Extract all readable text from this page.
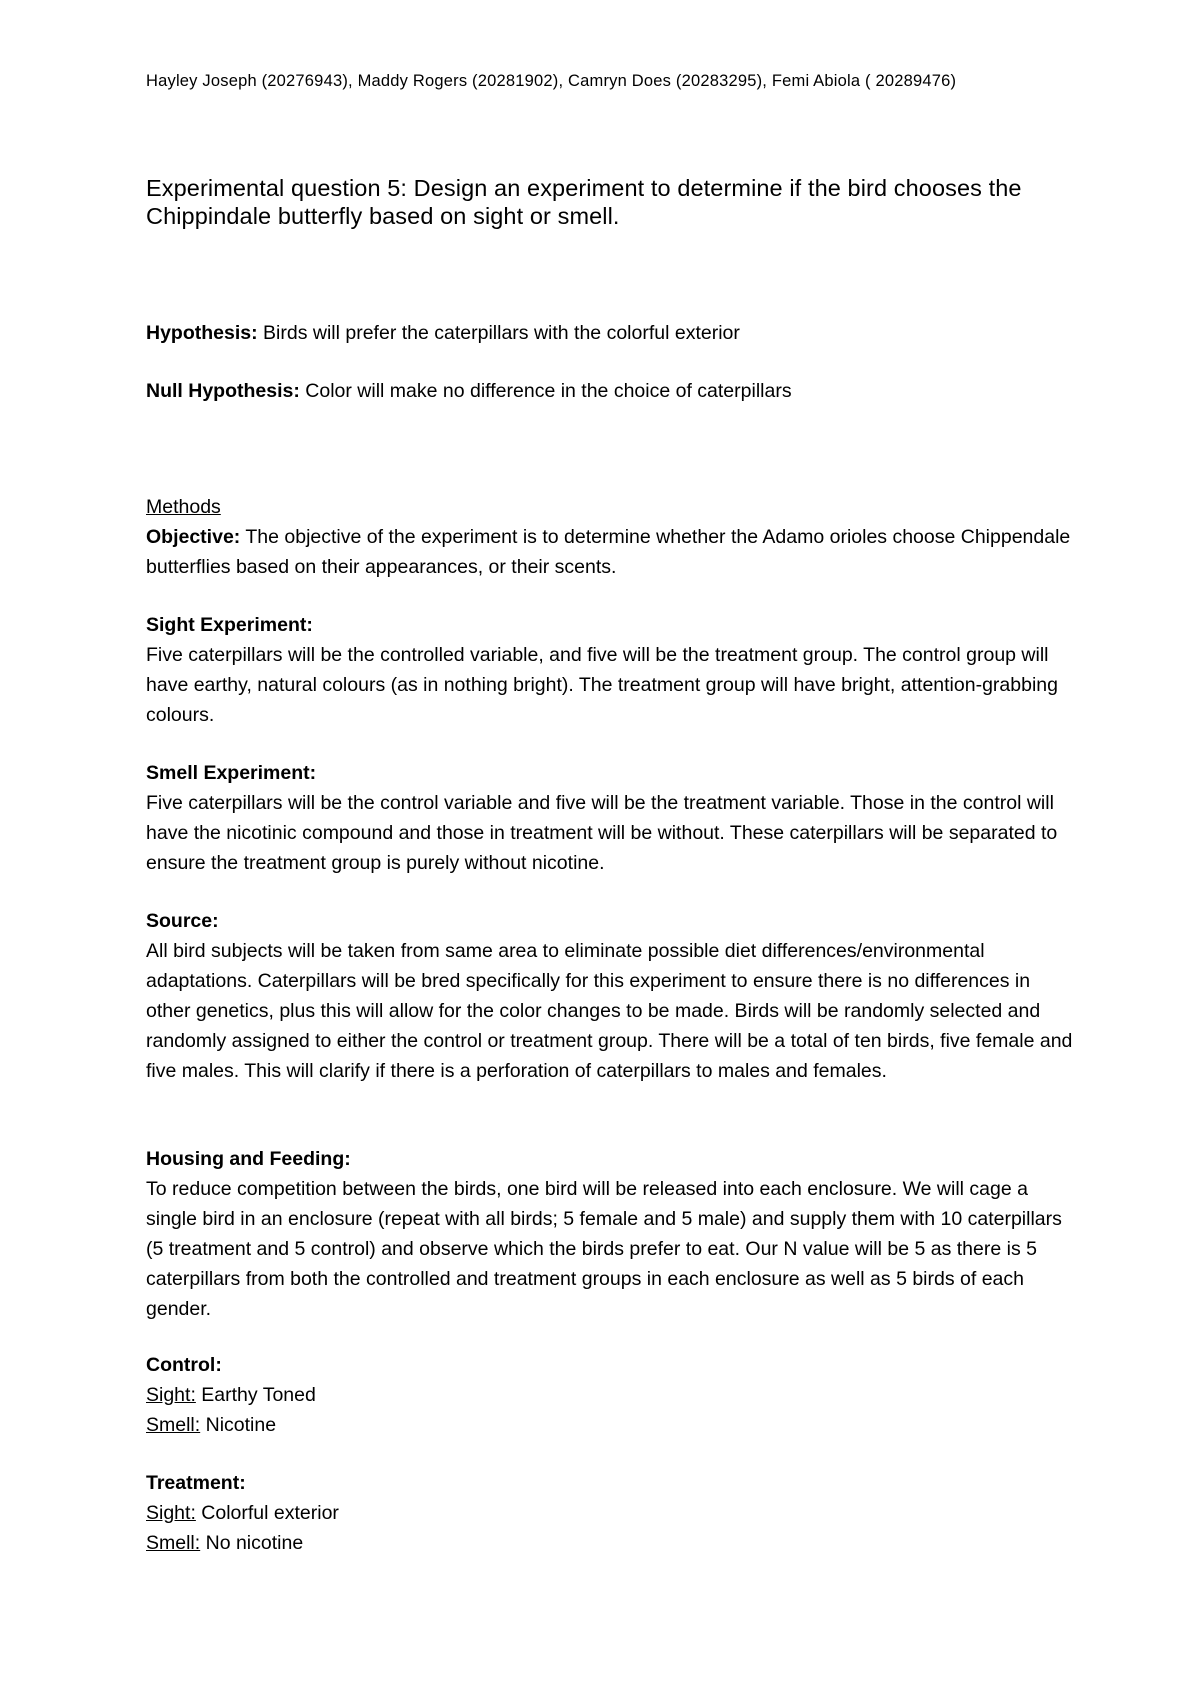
Hayley Joseph (20276943), Maddy Rogers (20281902), Camryn Does (20283295), Femi Abiola ( 20289476)
Experimental question 5: Design an experiment to determine if the bird chooses the Chippindale butterfly based on sight or smell.

Hypothesis: Birds will prefer the caterpillars with the colorful exterior

Null Hypothesis: Color will make no difference in the choice of caterpillars

Methods

Objective: The objective of the experiment is to determine whether the Adamo orioles choose Chippendale butterflies based on their appearances, or their scents.

Sight Experiment:

Five caterpillars will be the controlled variable, and five will be the treatment group. The control group will have earthy, natural colours (as in nothing bright). The treatment group will have bright, attention-grabbing colours.

Smell Experiment:

Five caterpillars will be the control variable and five will be the treatment variable. Those in the control will have the nicotinic compound and those in treatment will be without. These caterpillars will be separated to ensure the treatment group is purely without nicotine.

Source:

All bird subjects will be taken from same area to eliminate possible diet differences/environmental adaptations. Caterpillars will be bred specifically for this experiment to ensure there is no differences in other genetics, plus this will allow for the color changes to be made. Birds will be randomly selected and randomly assigned to either the control or treatment group. There will be a total of ten birds, five female and five males. This will clarify if there is a perforation of caterpillars to males and females.

Housing and Feeding:

To reduce competition between the birds, one bird will be released into each enclosure. We will cage a single bird in an enclosure (repeat with all birds; 5 female and 5 male) and supply them with 10 caterpillars (5 treatment and 5 control) and observe which the birds prefer to eat. Our N value will be 5 as there is 5 caterpillars from both the controlled and treatment groups in each enclosure as well as 5 birds of each gender.

Control:

Sight: Earthy Toned

Smell: Nicotine

Treatment:

Sight: Colorful exterior

Smell: No nicotine
